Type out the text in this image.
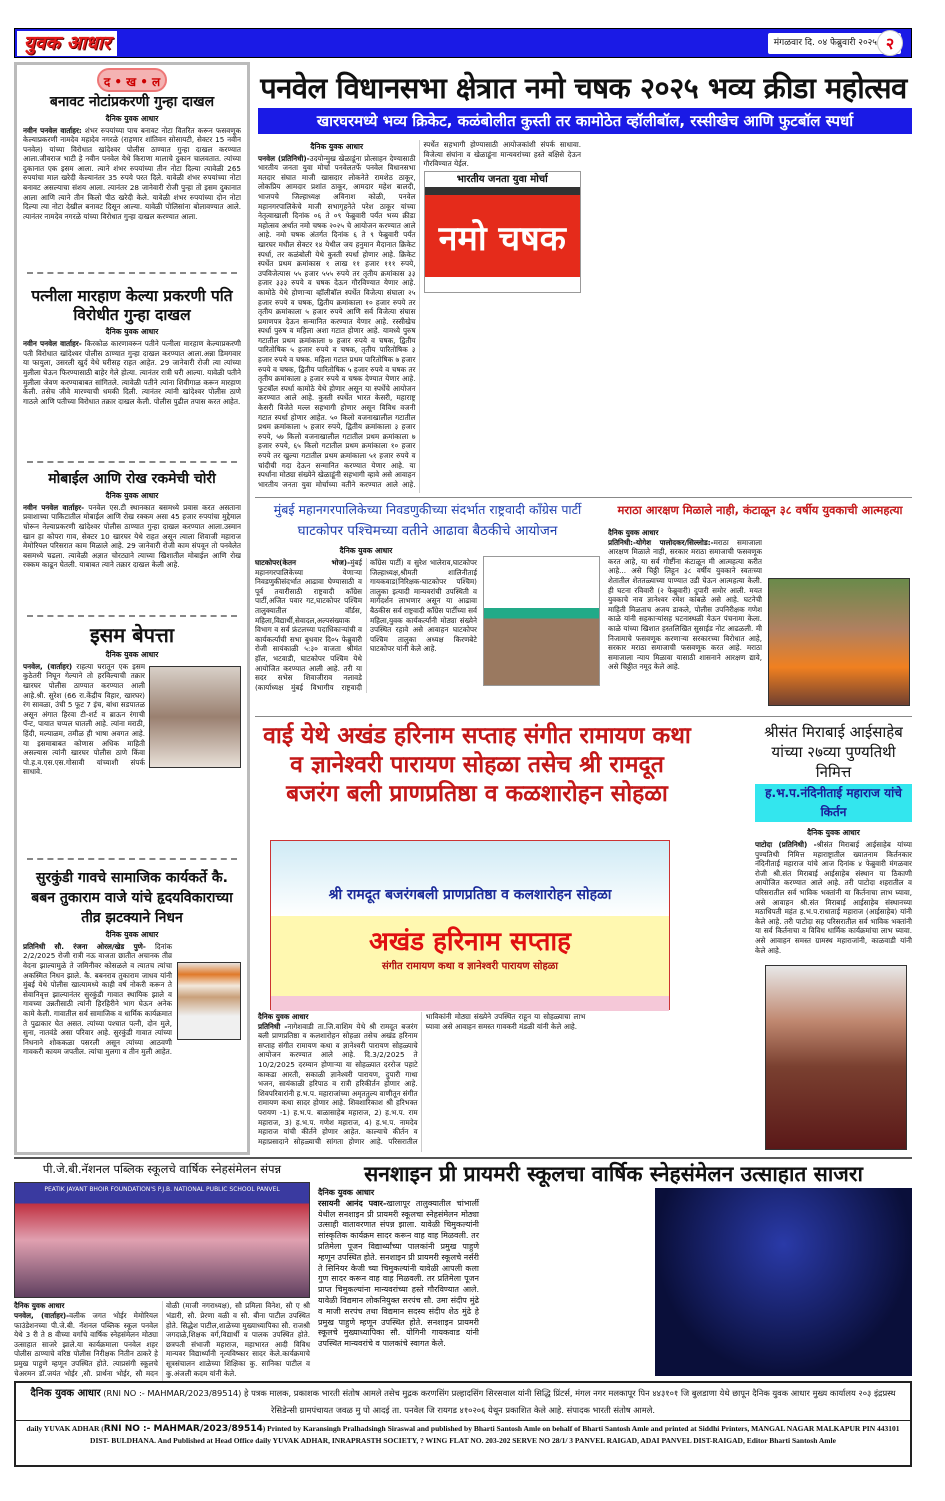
युवक आधार	मंगळवार दि. ०४ फेब्रुवारी २०२५ २
द • ख • ल
बनावट नोटांप्रकरणी गुन्हा दाखल
दैनिक युवक आधार
नवीन पनवेल वार्ताहर: शंभर रुपयांच्या पाच बनावट नोटा वितरित करून फसवणूक केल्याप्रकरणी नामदेव महादेव नगरळे (राहणार शांतिवन सोसायटी, सेक्टर 15 नवीन पनवेल) यांच्या विरोधात खांदेश्वर पोलीस ठाण्यात गुन्हा दाखल करण्यात आला.जीवराज भाटी हे नवीन पनवेल येथे किराणा मालाचे दुकान चालवतात. त्यांच्या दुकानात एक इसम आला. त्याने शंभर रुपयांच्या तीन नोटा दिल्या त्यावेळी 265 रुपयांचा माल खरेदी केल्यानंतर 35 रुपये परत दिले. यावेळी शंभर रुपयांच्या नोटा बनावट असल्याचा संशय आला. त्यानंतर 28 जानेवारी रोजी पुन्हा तो इसम दुकानात आला आणि त्याने तीन किलो पीठ खरेदी केले. यावेळी शंभर रुपयांच्या दोन नोटा दिल्या त्या नोटा देखील बनावट दिसून आल्या. यावेळी पोलिसांना बोलावण्यात आले. त्यानंतर नामदेव नगरळे यांच्या विरोधात गुन्हा दाखल करण्यात आला.
पत्नीला मारहाण केल्या प्रकरणी पति विरोधीत गुन्हा दाखल
दैनिक युवक आधार
नवीन पनवेल वार्ताहर- किरकोळ कारणावरून पतीने पत्नीला मारहाण केल्याप्रकरणी पती विरोधात खांदेश्वर पोलीस ठाण्यात गुन्हा दाखल करण्यात आला.अन्ना डिमगवार या फायुला, उसरली खुर्द येथे घरीसह राहत आहेत. 29 जानेवारी रोजी त्या त्यांच्या मुलीला घेऊन फिरण्यासाठी बाहेर गेले होत्या. त्यानंतर रात्री घरी आल्या. यावेळी पतीने मुलीला जेवण करण्याबाबत सांगितले. त्यावेळी पतीने त्यांना शिवीगाळ करून मारहाण केली. तसेच जीवे मारण्याची धमकी दिली. त्यानंतर त्यांनी खांदेश्वर पोलीस ठाणे गाठले आणि पतीच्या विरोधात तक्रार दाखल केली. पोलीस पुढील तपास करत आहेत.
मोबाईल आणि रोख रकमेची चोरी
दैनिक युवक आधार
नवीन पनवेल वार्ताहर- पनवेल एस.टी स्थानकात बसमध्ये प्रवास करत असताना प्रवाशाच्या पाकिटातील मोबाईल आणि रोख रक्कम असा 45 हजार रुपयांचा मुद्देमाल चोरून नेल्याप्रकरणी खांदेश्वर पोलीस ठाण्यात गुन्हा दाखल करण्यात आला.उस्मान खान हा कोपरा गाव, सेक्टर 10 खारघर येथे राहत असून त्याला शिवाजी महाराज मेमोरियल परिसरात काम मिळाले आहे. 29 जानेवारी रोजी काम संपवून तो पनवेलेत बसमध्ये चढला. त्यावेळी अज्ञात चोरट्याने त्याच्या खिशातील मोबाईल आणि रोख रक्कम काढून घेतली. याबाबत त्याने तक्रार दाखल केली आहे.
इसम बेपत्ता
दैनिक युवक आधार
पनवेल, (वार्ताहर) राहत्या घरातून एक इसम कुठेतरी निघून गेल्याने तो हरविल्याची तक्रार खारघर पोलीस ठाण्यात करण्यात आली आहे.श्री. सुरेश (66 रा.केंद्रीय विहार, खारघर) रंग सावळा, उंची 5 फूट 7 इंच, बांधा सडपातळ असून अंगात हिरवा टी-शर्ट व ब्राऊन रंगाची पॅन्ट, पायात चप्पल घातली आहे. त्यांना मराठी, हिंदी, मल्याळम, तमीळ ही भाषा अवगत आहे. या इसमाबाबत कोणास अधिक माहिती असल्यास त्यांनी खारघर पोलीस ठाणे किंवा पो.ह.व.एस.एस.गोसावी यांच्याशी संपर्क साधावे.
सुरकुंडी गावचे सामाजिक कार्यकर्ते कै. बबन तुकाराम वाजे यांचे हृदयविकाराच्या तीव्र झटक्याने निधन
दैनिक युवक आधार
प्रतिनिधी सौ. रंजना ओरल/खेड पुणे- दिनांक 2/2/2025 रोजी रात्री नऊ वाजता छातीत अचानक तीव्र वेदना झाल्यामुळे ते जमिनीवर कोसळले व त्यातच त्यांचा अकस्मित निधन झाले. कै. बबनराव तुकाराम जाधव यांनी मुंबई येथे पोलीस खात्यामध्ये काही वर्ष नोकरी करून ते सेवानिवृत्त झाल्यानंतर सुरकुंडी गावात स्थायिक झाले व गावच्या उन्नतीसाठी त्यांनी हिरहिरीने भाग घेऊन अनेक कामे केली. गावातील सर्व सामाजिक व धार्मिक कार्यक्रमात ते पुढाकार घेत असत. त्यांच्या पश्चात पत्नी, दोन मुले, सुना, नातवंडे असा परिवार आहे. सुरकुंडी गावात त्यांच्या निधनाने शोककळा पसरली असून त्यांच्या आठवणी गावकरी कायम जपतील. त्यांचा मुलगा व तीन मुली आहेत.
पनवेल विधानसभा क्षेत्रात नमो चषक २०२५ भव्य क्रीडा महोत्सव
खारघरमध्ये भव्य क्रिकेट, कळंबोलीत कुस्ती तर कामोठेत व्हॉलीबॉल, रस्सीखेच आणि फुटबॉल स्पर्धा
दैनिक युवक आधार
पनवेल (प्रतिनिधी)-उदयोन्मुख खेळाडूंना प्रोत्साहन देण्यासाठी भारतीय जनता युवा मोर्चा पनवेलतर्फे पनवेल विधानसभा मतदार संघात माजी खासदार लोकनेते रामशेठ ठाकूर, लोकप्रिय आमदार प्रशांत ठाकूर, आमदार महेश बालदी, भाजपचे जिल्हाध्यक्ष अविनाश कोळी, पनवेल महानगरपालिकेचे माजी सभागृहनेते परेश ठाकूर यांच्या नेतृत्वाखाली दिनांक ०६ ते ०९ फेब्रुवारी पर्यंत भव्य क्रीडा महोत्सव अर्थात नमो चषक २०२५ चे आयोजन करण्यात आले आहे. नमो चषक अंतर्गत दिनांक ६ ते ९ फेब्रुवारी पर्यंत खारघर मधील सेक्टर १४ येथील जय हनुमान मैदानात क्रिकेट स्पर्धा, तर कळंबोली येथे कुस्ती स्पर्धा होणार आहे. क्रिकेट स्पर्धेत प्रथम क्रमांकास १ लाख ११ हजार १११ रुपये, उपविजेत्यास ५५ हजार ५५५ रुपये तर तृतीय क्रमांकास ३३ हजार ३३३ रुपये व चषक देऊन गौरविण्यात येणार आहे. कामोठे येथे होणाऱ्या व्हॉलीबॉल स्पर्धेत विजेत्या संघाला २५ हजार रुपये व चषक, द्वितीय क्रमांकाला १० हजार रुपये तर तृतीय क्रमांकाला ५ हजार रुपये आणि सर्व विजेत्या संघास प्रमाणपत्र देऊन सन्मानित करण्यात येणार आहे. रस्सीखेच स्पर्धा पुरुष व महिला अशा गटात होणार आहे. यामध्ये पुरुष गटातील प्रथम क्रमांकाला ७ हजार रुपये व चषक, द्वितीय पारितोषिक ५ हजार रुपये व चषक, तृतीय पारितोषिक ३ हजार रुपये व चषक. महिला गटात प्रथम पारितोषिक ७ हजार रुपये व चषक, द्वितीय पारितोषिक ५ हजार रुपये व चषक तर तृतीय क्रमांकाला ३ हजार रुपये व चषक देण्यात येणार आहे. फुटबॉल स्पर्धा कामोठे येथे होणार असून या स्पर्धेचे आयोजन करण्यात आले आहे. कुस्ती स्पर्धेत भारत केसरी, महाराष्ट्र केसरी विजेते मल्ल सहभागी होणार असून विविध वजनी गटात स्पर्धा होणार आहेत. ५० किलो वजनाखालील गटातील प्रथम क्रमांकाला ५ हजार रुपये, द्वितीय क्रमांकाला ३ हजार रुपये, ५७ किलो वजनाखालील गटातील प्रथम क्रमांकाला ७ हजार रुपये, ६५ किलो गटातील प्रथम क्रमांकाला १० हजार रुपये तर खुल्या गटातील प्रथम क्रमांकाला ५१ हजार रुपये व चांदीची गदा देऊन सन्मानित करण्यात येणार आहे. या स्पर्धांना मोठ्या संख्येने खेळाडूंनी सहभागी व्हावे असे आवाहन भारतीय जनता युवा मोर्चाच्या वतीने करण्यात आले आहे. स्पर्धेत सहभागी होण्यासाठी आयोजकांशी संपर्क साधावा. विजेत्या संघांना व खेळाडूंना मान्यवरांच्या हस्ते बक्षिसे देऊन गौरविण्यात येईल.
भारतीय जनता युवा मोर्चा
नमो चषक
मुंबई महानगरपालिकेच्या निवडणुकीच्या संदर्भात राष्ट्रवादी कॉंग्रेस पार्टी
घाटकोपर पश्चिमच्या वतीने आढावा बैठकीचे आयोजन
दैनिक युवक आधार
घाटकोपर(केतन भोज)-मुंबई महानगरपालिकेच्या येणाऱ्या निवडणुकीसंदर्भात आढावा घेण्यासाठी व पूर्व तयारीसाठी राष्ट्रवादी कॉंग्रेस पार्टी,अजित पवार गट,घाटकोपर पश्चिम तालुक्यातील वॉर्डस, महिला,विद्यार्थी,सेवादल,अल्पसंख्याक विभाग व सर्व फ्रंटलच्या पदाधिकाऱ्यांची व कार्यकर्त्यांची सभा बुधवार दि०५ फेब्रुवारी रोजी सायंकाळी ५:३० वाजता श्रीमंत हॉल, भटवाडी, घाटकोपर पश्चिम येथे आयोजित करण्यात आली आहे. तरी या सदर सभेस शिवाजीराव नलावडे (कार्याध्यक्ष मुंबई विभागीय राष्ट्रवादी कॉंग्रेस पार्टी) व सुरेश भालेराव,घाटकोपर जिल्हाध्यक्ष,श्रीमती शालिनीताई गायकवाड(निरिक्षक-घाटकोपर पश्चिम) तालुका इत्यादी मान्यवरांची उपस्थिती व मार्गदर्शन लाभणार असून या आढावा बैठकीस सर्व राष्ट्रवादी कॉंग्रेस पार्टीच्या सर्व महिला,युवक कार्यकर्त्यांनी मोठ्या संख्येने उपस्थित रहावे असे आवाहन घाटकोपर पश्चिम तालुका अध्यक्ष किरणबेटे घाटकोपर यांनी केले आहे.
मराठा आरक्षण मिळाले नाही, कंटाळून ३८ वर्षीय युवकाची आत्महत्या
दैनिक युवक आधार
प्रतिनिधी:-योगेश पालोदकर/सिल्लोड:-मराठा समाजाला आरक्षण मिळाले नाही, सरकार मराठा समाजाची फसवणूक करत आहे, या सर्व गोष्टींना कंटाळून मी आत्महत्या करीत आहे... असे चिठ्ठी लिहून ३८ वर्षीय युवकाने स्वतःच्या शेतातील शेततळ्याच्या पाण्यात उडी घेऊन आत्महत्या केली. ही घटना रविवारी (२ फेब्रुवारी) दुपारी समोर आली. मयत युवकाचे नाव ज्ञानेश्वर रमेश कांबळे असे आहे. घटनेची माहिती मिळताच अजय डाकले, पोलीस उपनिरीक्षक गणेश काळे यांनी सहकाऱ्यांसह घटनास्थळी येऊन पंचनामा केला. काळे यांच्या खिशात हस्तलिखित सुसाईड नोट आढळली. मी निजामाचे फसवणूक करणाऱ्या सरकारच्या विरोधात आहे, सरकार मराठा समाजाची फसवणूक करत आहे. मराठा समाजाला न्याय मिळावा यासाठी शासनाने आरक्षण द्यावे, असे चिठ्ठीत नमूद केले आहे.
वाई येथे अखंड हरिनाम सप्ताह संगीत रामायण कथा व ज्ञानेश्वरी पारायण सोहळा तसेच श्री रामदूत बजरंग बली प्राणप्रतिष्ठा व कळशारोहन सोहळा
श्री रामदूत बजरंगबली प्राणप्रतिष्ठा व कलशारोहन सोहळा
अखंड हरिनाम सप्ताह
संगीत रामायण कथा व ज्ञानेश्वरी पारायण सोहळा
दैनिक युवक आधार
प्रतिनिधी -नागेशवाडी ता.जि.वाशिम येथे श्री रामदूत बजरंग बली प्राणप्रतिष्ठा व कलशारोहन सोहळा तसेच अखंड हरिनाम सप्ताह संगीत रामायण कथा व ज्ञानेश्वरी पारायण सोहळ्याचे आयोजन करण्यात आले आहे. दि.3/2/2025 ते 10/2/2025 दरम्यान होणाऱ्या या सोहळ्यात दररोज पहाटे काकडा आरती, सकाळी ज्ञानेश्वरी पारायण, दुपारी गाथा भजन, सायंकाळी हरिपाठ व रात्री हरिकीर्तन होणार आहे. शिवपरिवारांनी ह.भ.प. महाराजांच्या अमृततुल्य वाणीतून संगीत रामायण कथा सादर होणार आहे. शिवशारिकाश श्री हरिभक्त परायण -1) ह.भ.प. बाळासाहेब महाराज, 2) ह.भ.प. राम महाराज, 3) ह.भ.प. गणेश महाराज, 4) ह.भ.प. नामदेव महाराज यांची कीर्तने होणार आहेत. काल्याचे कीर्तन व महाप्रसादाने सोहळ्याची सांगता होणार आहे. परिसरातील भाविकांनी मोठ्या संख्येने उपस्थित राहून या सोहळ्याचा लाभ घ्यावा असे आवाहन समस्त गावकरी मंडळी यांनी केले आहे.
श्रीसंत मिराबाई आईसाहेब यांच्या २७व्या पुण्यतिथी निमित्त
ह.भ.प.नंदिनीताई महाराज यांचे किर्तन
दैनिक युवक आधार
पाटोदा (प्रतिनिधी) -श्रीसंत मिराबाई आईसाहेब यांच्या पुण्यतिथी निमित्त महाराष्ट्रातील ख्यातनाम किर्तनकार नंदिनीताई महाराज यांचे आज दिनांक ४ फेब्रुवारी मंगळवार रोजी श्री.संत मिराबाई आईसाहेब संस्थान या ठिकाणी आयोजित करण्यात आले आहे. तरी पाटोदा शहरातील व परिसरातील सर्व भाविक भक्तांनी या किर्तनाचा लाभ घ्यावा, असे आवाहन श्री.संत मिराबाई आईसाहेब संस्थानच्या मठाधिपती महंत ह.भ.प.राधाताई महाराज (आईसाहेब) यांनी केले आहे. तरी पाटोदा सह परिसरातील सर्व भाविक भक्तांनी या सर्व किर्तनाचा व विविध धार्मिक कार्यक्रमांचा लाभ घ्यावा. असे आवाहन समस्त ग्रामस्थ महाराजांनी, काळवाडी यांनी केले आहे.
पी.जे.बी.नॅशनल पब्लिक स्कूलचे वार्षिक स्नेहसंमेलन संपन्न
PEATIK JAYANT BHOIR FOUNDATION'S P.J.B. NATIONAL PUBLIC SCHOOL PANVEL
दैनिक युवक आधार
पनवेल, (वार्ताहर)-वलीक जगत भोईर मेमोरियल फाउंडेशनच्या पी.जे.बी. नॅशनल पब्लिक स्कूल पनवेल येथे 3 री ते 8 वीच्या वर्गांचे वार्षिक स्नेहसंमेलन मोठ्या उत्साहात साजरे झाले.या कार्यक्रमाला पनवेल शहर पोलीस ठाण्याचे वरिष्ठ पोलीस निरीक्षक नितीन ठाकरे हे प्रमुख पाहुणे म्हणून उपस्थित होते. त्याप्रसंगी स्कूलचे चेअरमन डॉ.जयंत भोईर ,सौ. प्रार्थना भोईर, सौ मदन वोळी (माजी नगराध्यक्ष), सौ प्रमिला विनेश, सौ ए श्री भंडारी, सौ. प्रेरणा वळी व सौ. बीना पाटील उपस्थित होते. सिद्धेश पाटील,शाळेच्या मुख्याध्यापिका सौ. राजश्री जगदाळे,शिक्षक वर्ग,विद्यार्थी व पालक उपस्थित होते. छत्रपती संभाजी महाराज, महाभारत आदी विविध मान्यवर विद्यार्थ्यांनी नृत्यविष्कार सादर केले.कार्यक्रमाचे सूत्रसंचालन शाळेच्या शिक्षिका कु. सानिका पाटील व कु.अंजली कदम यांनी केले.
सनशाइन प्री प्रायमरी स्कूलचा वार्षिक स्नेहसंमेलन उत्साहात साजरा
दैनिक युवक आधार
रसायनी आनंद पवार-खालापूर तालुक्यातील चांभार्ली येथील सनशाइन प्री प्रायमरी स्कूलचा स्नेहसंमेलन मोठ्या उत्साही वातावरणात संपन्न झाला. यावेळी चिमुकल्यांनी सांस्कृतिक कार्यक्रम सादर करून वाह वाह मिळवली. तर प्रतिमेला पूजन विद्यार्थ्यांच्या पालकांनी प्रमुख पाहुणे म्हणून उपस्थित होते. सनशाइन प्री प्रायमरी स्कूलचे नर्सरी ते सिनियर केजी च्या चिमुकल्यांनी यावेळी आपली कला गुण सादर करून वाह वाह मिळवली. तर प्रतिमेला पूजन प्राप्त चिमुकल्यांना मान्यवरांच्या हस्ते गौरविण्यात आले. यावेळी विद्यमान लोकनियुक्त सरपंच सौ. उमा संदीप मुंढे व माजी सरपंच तथा विद्यमान सदस्य संदीप शेठ मुंढे हे प्रमुख पाहुणे म्हणून उपस्थित होते. सनशाइन प्रायमरी स्कूलचे मुख्याध्यापिका सौ. योगिनी गायकवाड यांनी उपस्थित मान्यवरांचे व पालकांचे स्वागत केले.
दैनिक युवक आधार (RNI NO :- MAHMAR/2023/89514) हे पत्रक मालक, प्रकाशक भारती संतोष आमले तसेच मुद्रक करणसिंग प्रल्हादसिंग सिरसवाल यांनी सिद्धि प्रिंटर्स, मंगल नगर मलकापूर पिन ४४३१०१ जि बुलडाणा येथे छापून दैनिक युवक आधार मुख्य कार्यालय २०३ इंद्रप्रस्थ रेसिडेन्सी ग्रामपंचायत जवळ मु पो आदई ता. पनवेल जि रायगड ४१०२०६ येथून प्रकाशित केले आहे. संपादक भारती संतोष आमले.
daily YUVAK ADHAR (RNI NO :- MAHMAR/2023/89514) Printed by Karansingh Pralhadsingh Siraswal and published by Bharti Santosh Amle on behalf of Bharti Santosh Amle and printed at Siddhi Printers, MANGAL NAGAR MALKAPUR PIN 443101 DIST- BULDHANA. And Published at Head Office daily YUVAK ADHAR, INRAPRASTH SOCIETY, ? WING FLAT NO. 203-202 SERVE NO 28/1/ 3 PANVEL RAIGAD, ADAI PANVEL DIST-RAIGAD, Editor Bharti Santosh Amle
